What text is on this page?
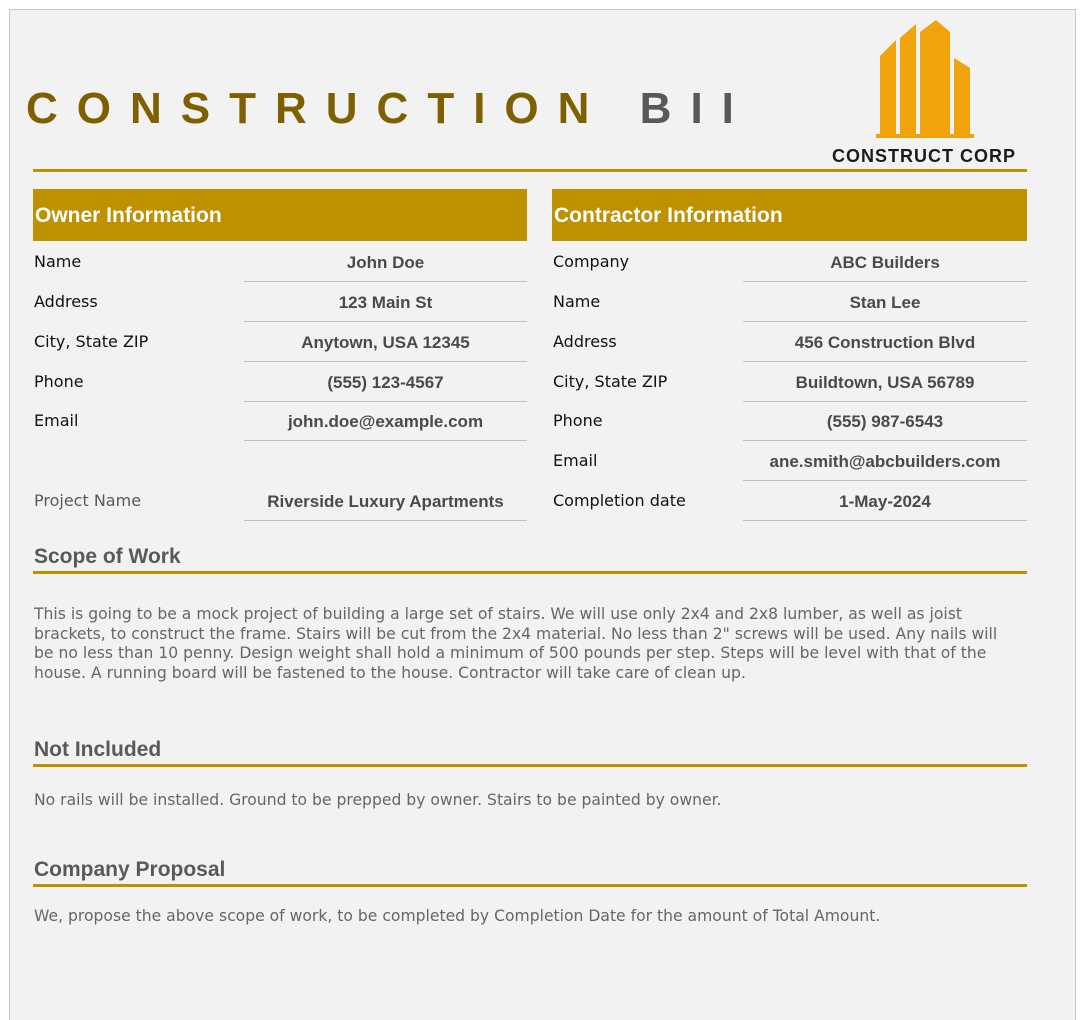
CONSTRUCTION BII
CONSTRUCT CORP
Owner Information
Name	John Doe
Address	123 Main St
City, State ZIP	Anytown, USA 12345
Phone	(555) 123-4567
Email	john.doe@example.com
Project Name	Riverside Luxury Apartments
Contractor Information
Company	ABC Builders
Name	Stan Lee
Address	456 Construction Blvd
City, State ZIP	Buildtown, USA 56789
Phone	(555) 987-6543
Email	ane.smith@abcbuilders.com
Completion date	1-May-2024
Scope of Work
This is going to be a mock project of building a large set of stairs. We will use only 2x4 and 2x8 lumber, as well as joist brackets, to construct the frame. Stairs will be cut from the 2x4 material. No less than 2" screws will be used. Any nails will be no less than 10 penny. Design weight shall hold a minimum of 500 pounds per step. Steps will be level with that of the house. A running board will be fastened to the house. Contractor will take care of clean up.
Not Included
No rails will be installed. Ground to be prepped by owner. Stairs to be painted by owner.
Company Proposal
We, propose the above scope of work, to be completed by Completion Date for the amount of Total Amount.
